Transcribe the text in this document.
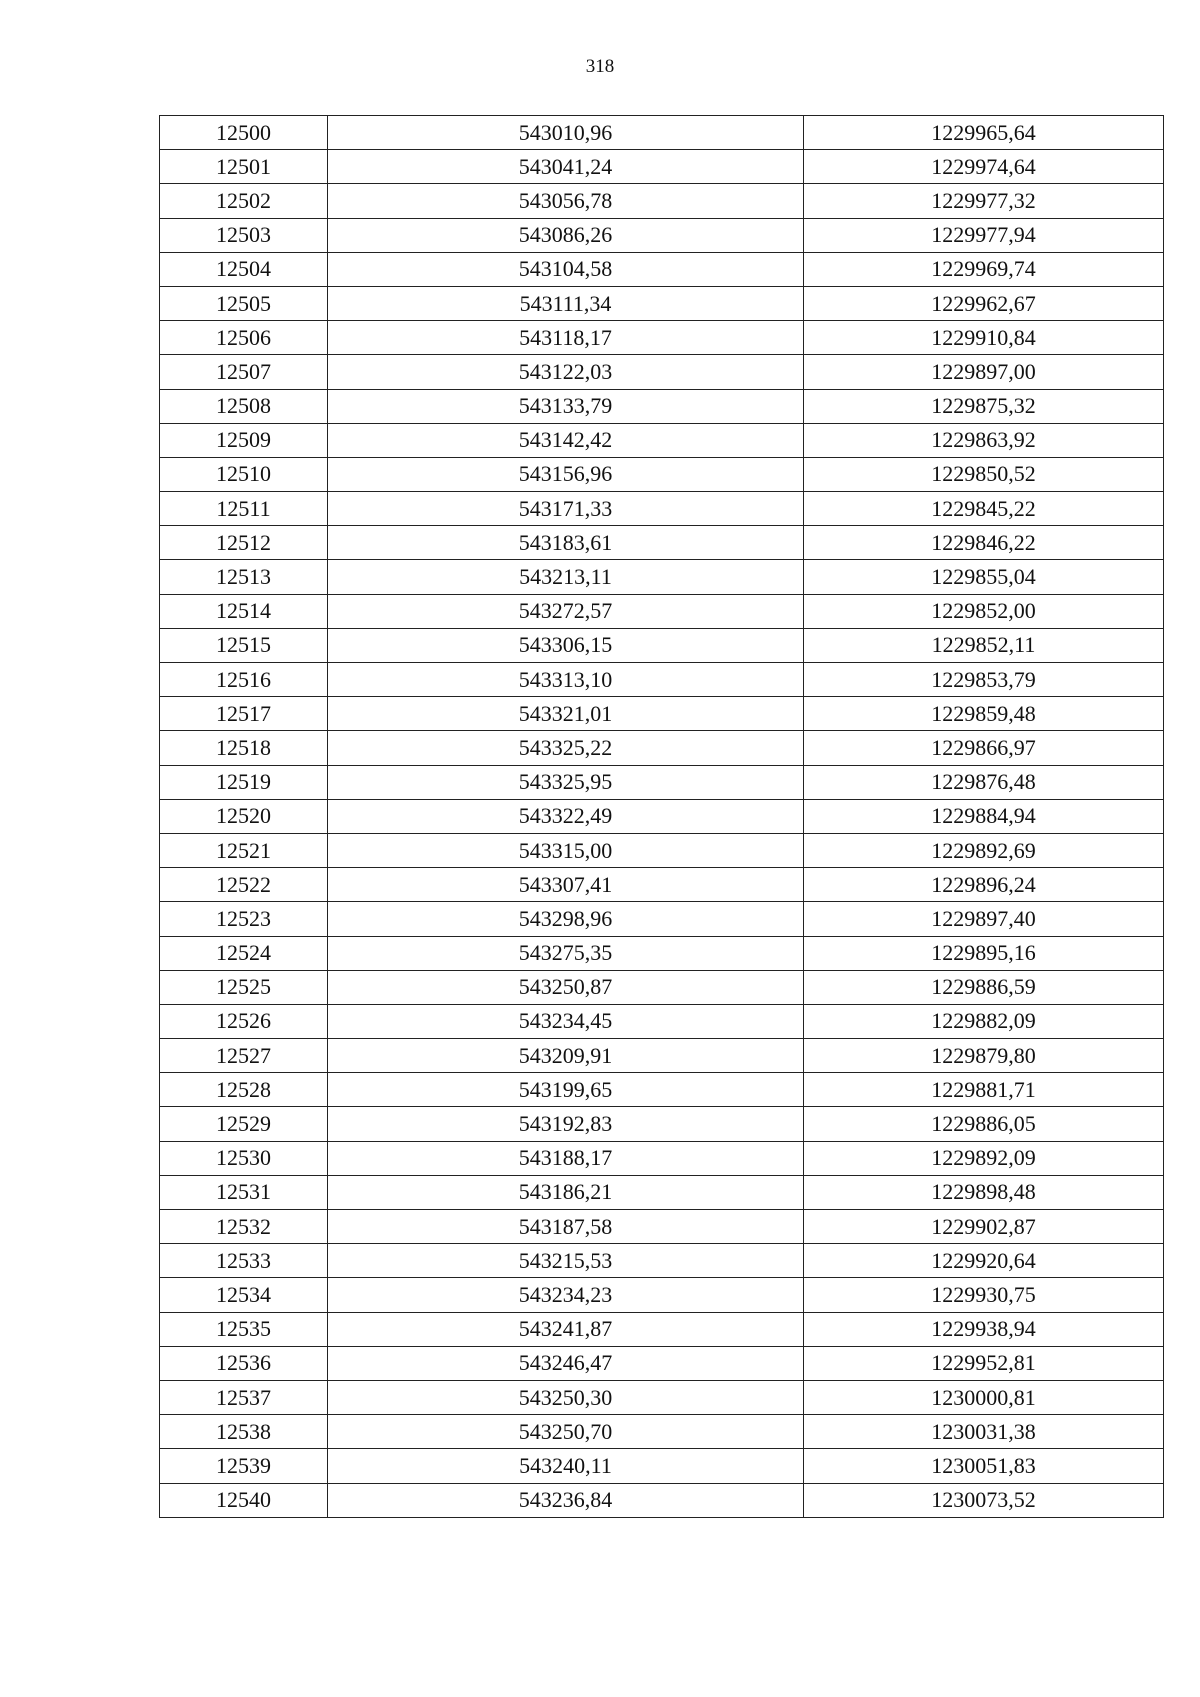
318
12500	543010,96	1229965,64
12501	543041,24	1229974,64
12502	543056,78	1229977,32
12503	543086,26	1229977,94
12504	543104,58	1229969,74
12505	543111,34	1229962,67
12506	543118,17	1229910,84
12507	543122,03	1229897,00
12508	543133,79	1229875,32
12509	543142,42	1229863,92
12510	543156,96	1229850,52
12511	543171,33	1229845,22
12512	543183,61	1229846,22
12513	543213,11	1229855,04
12514	543272,57	1229852,00
12515	543306,15	1229852,11
12516	543313,10	1229853,79
12517	543321,01	1229859,48
12518	543325,22	1229866,97
12519	543325,95	1229876,48
12520	543322,49	1229884,94
12521	543315,00	1229892,69
12522	543307,41	1229896,24
12523	543298,96	1229897,40
12524	543275,35	1229895,16
12525	543250,87	1229886,59
12526	543234,45	1229882,09
12527	543209,91	1229879,80
12528	543199,65	1229881,71
12529	543192,83	1229886,05
12530	543188,17	1229892,09
12531	543186,21	1229898,48
12532	543187,58	1229902,87
12533	543215,53	1229920,64
12534	543234,23	1229930,75
12535	543241,87	1229938,94
12536	543246,47	1229952,81
12537	543250,30	1230000,81
12538	543250,70	1230031,38
12539	543240,11	1230051,83
12540	543236,84	1230073,52
